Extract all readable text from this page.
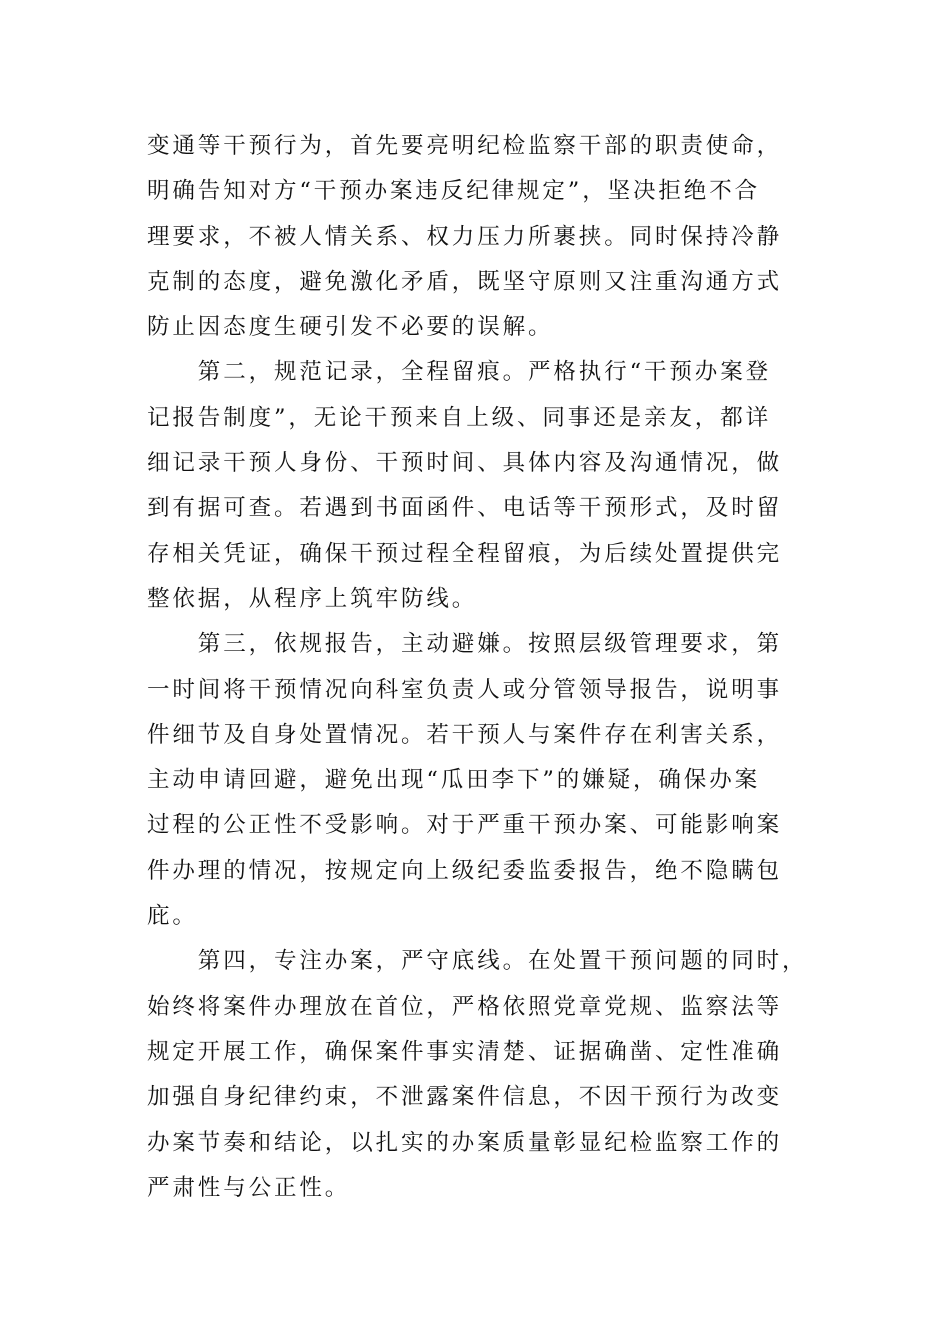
变通等干预行为，首先要亮明纪检监察干部的职责使命，
明确告知对方“干预办案违反纪律规定”，坚决拒绝不合
理要求，不被人情关系、权力压力所裹挟。同时保持冷静
克制的态度，避免激化矛盾，既坚守原则又注重沟通方式
防止因态度生硬引发不必要的误解。
　　第二，规范记录，全程留痕。严格执行“干预办案登
记报告制度”，无论干预来自上级、同事还是亲友，都详
细记录干预人身份、干预时间、具体内容及沟通情况，做
到有据可查。若遇到书面函件、电话等干预形式，及时留
存相关凭证，确保干预过程全程留痕，为后续处置提供完
整依据，从程序上筑牢防线。
　　第三，依规报告，主动避嫌。按照层级管理要求，第
一时间将干预情况向科室负责人或分管领导报告，说明事
件细节及自身处置情况。若干预人与案件存在利害关系，
主动申请回避，避免出现“瓜田李下”的嫌疑，确保办案
过程的公正性不受影响。对于严重干预办案、可能影响案
件办理的情况，按规定向上级纪委监委报告，绝不隐瞒包
庇。
　　第四，专注办案，严守底线。在处置干预问题的同时，
始终将案件办理放在首位，严格依照党章党规、监察法等
规定开展工作，确保案件事实清楚、证据确凿、定性准确
加强自身纪律约束，不泄露案件信息，不因干预行为改变
办案节奏和结论，以扎实的办案质量彰显纪检监察工作的
严肃性与公正性。
